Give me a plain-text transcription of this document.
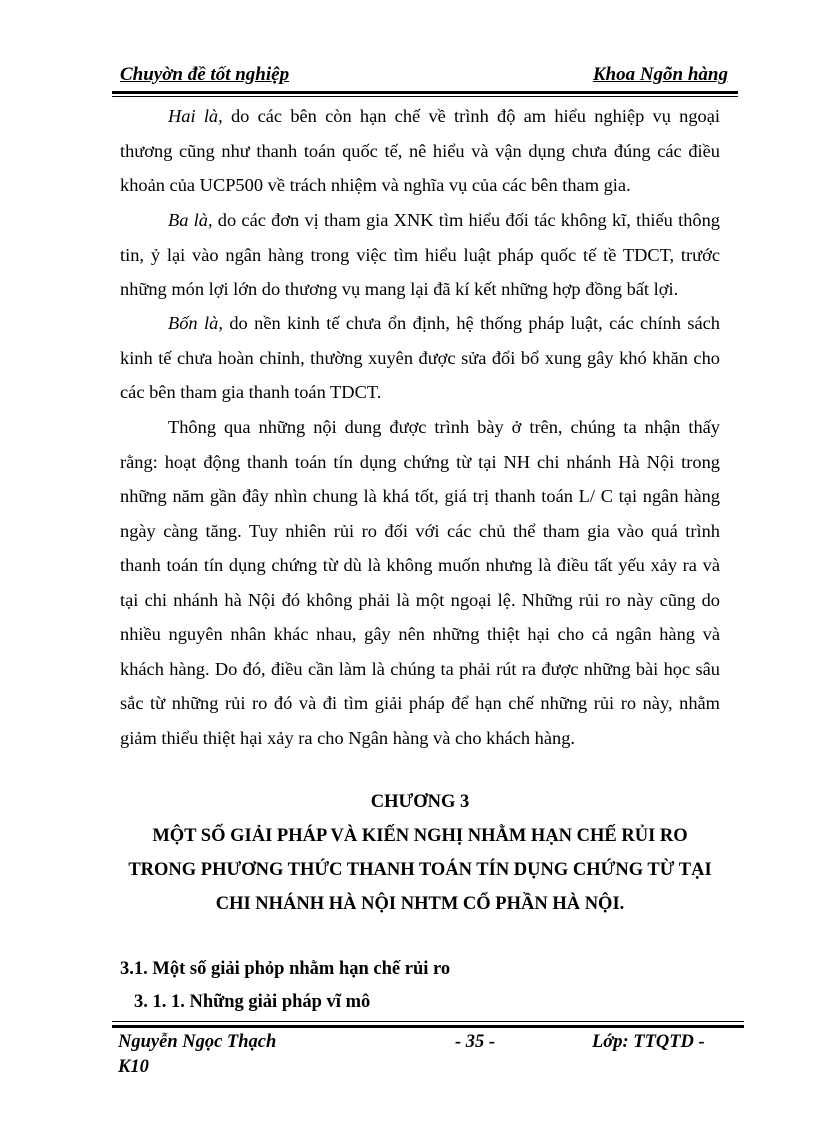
Chuyờn đề tốt nghiệp	Khoa Ngõn hàng
Hai là, do các bên còn hạn chế về trình độ am hiểu nghiệp vụ ngoại
thương cũng như thanh toán quốc tế, nê hiểu và vận dụng chưa đúng các điều
khoản của UCP500 về trách nhiệm và nghĩa vụ của các bên tham gia.
Ba là, do các đơn vị tham gia XNK tìm hiểu đối tác không kĩ, thiếu thông
tin, ỷ lại vào ngân hàng trong việc tìm hiểu luật pháp quốc tế tề TDCT, trước
những món lợi lớn do thương vụ mang lại đã kí kết những hợp đồng bất lợi.
Bốn là, do nền kinh tế chưa ổn định, hệ thống pháp luật, các chính sách
kinh tế chưa hoàn chỉnh, thường xuyên được sửa đổi bổ xung gây khó khăn cho
các bên tham gia thanh toán TDCT.
Thông qua những nội dung được trình bày ở trên, chúng ta nhận thấy
rằng: hoạt động thanh toán tín dụng chứng từ tại NH chi nhánh Hà Nội trong
những năm gần đây nhìn chung là khá tốt, giá trị thanh toán L/ C tại ngân hàng
ngày càng tăng. Tuy nhiên rủi ro đối với các chủ thể tham gia vào quá trình
thanh toán tín dụng chứng từ dù là không muốn nhưng là điều tất yếu xảy ra và
tại chi nhánh hà Nội đó không phải là một ngoại lệ. Những rủi ro này cũng do
nhiều nguyên nhân khác nhau, gây nên những thiệt hại cho cả ngân hàng và
khách hàng. Do đó, điều cần làm là chúng ta phải rút ra được những bài học sâu
sắc từ những rủi ro đó và đi tìm giải pháp để hạn chế những rủi ro này, nhằm
giảm thiểu thiệt hại xảy ra cho Ngân hàng và cho khách hàng.
CHƯƠNG 3
MỘT SỐ GIẢI PHÁP VÀ KIẾN NGHỊ NHẰM HẠN CHẾ RỦI RO
TRONG PHƯƠNG THỨC THANH TOÁN TÍN DỤNG CHỨNG TỪ TẠI
CHI NHÁNH HÀ NỘI NHTM CỔ PHẦN HÀ NỘI.
3.1. Một số giải phỏp nhằm hạn chế rủi ro
3. 1. 1. Những giải pháp vĩ mô
Nguyễn Ngọc Thạch K10
- 35 -	Lớp: TTQTD -
